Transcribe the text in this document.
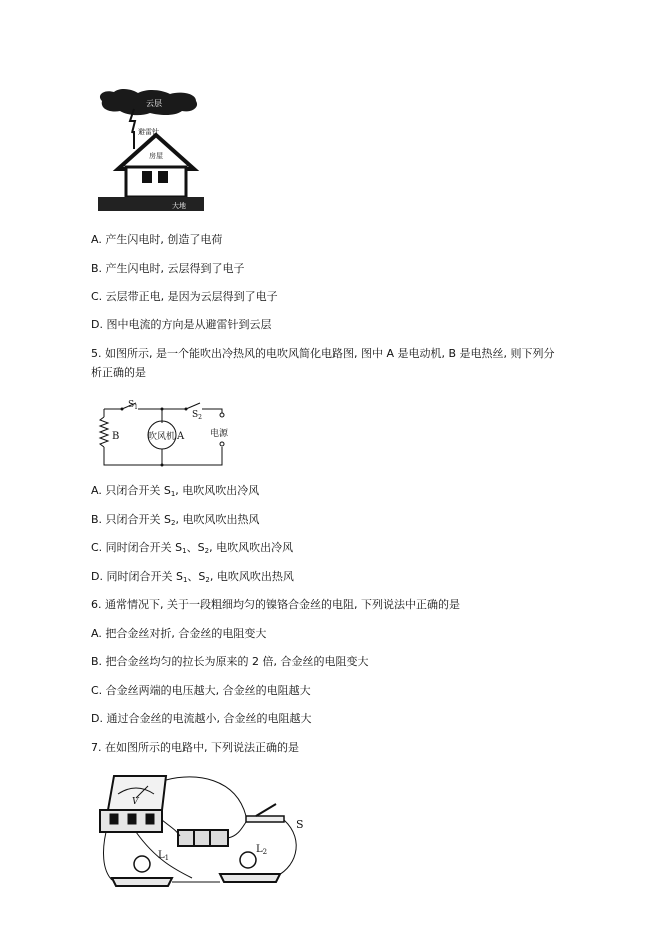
云层
避雷针
房屋
大地
A. 产生闪电时, 创造了电荷
B. 产生闪电时, 云层得到了电子
C. 云层带正电, 是因为云层得到了电子
D. 图中电流的方向是从避雷针到云层
5. 如图所示, 是一个能吹出冷热风的电吹风简化电路图, 图中 A 是电动机, B 是电热丝, 则下列分
析正确的是
$S_1$
$S_2$
B	吹风机 A	电源
A. 只闭合开关 $S_1$, 电吹风吹出冷风
B. 只闭合开关 $S_2$, 电吹风吹出热风
C. 同时闭合开关 $S_1$、$S_2$, 电吹风吹出冷风
D. 同时闭合开关 $S_1$、$S_2$, 电吹风吹出热风
6. 通常情况下, 关于一段粗细均匀的镍铬合金丝的电阻, 下列说法中正确的是
A. 把合金丝对折, 合金丝的电阻变大
B. 把合金丝均匀的拉长为原来的 2 倍, 合金丝的电阻变大
C. 合金丝两端的电压越大, 合金丝的电阻越大
D. 通过合金丝的电流越小, 合金丝的电阻越大
7. 在如图所示的电路中, 下列说法正确的是
V
S
$L_1$
$L_2$
